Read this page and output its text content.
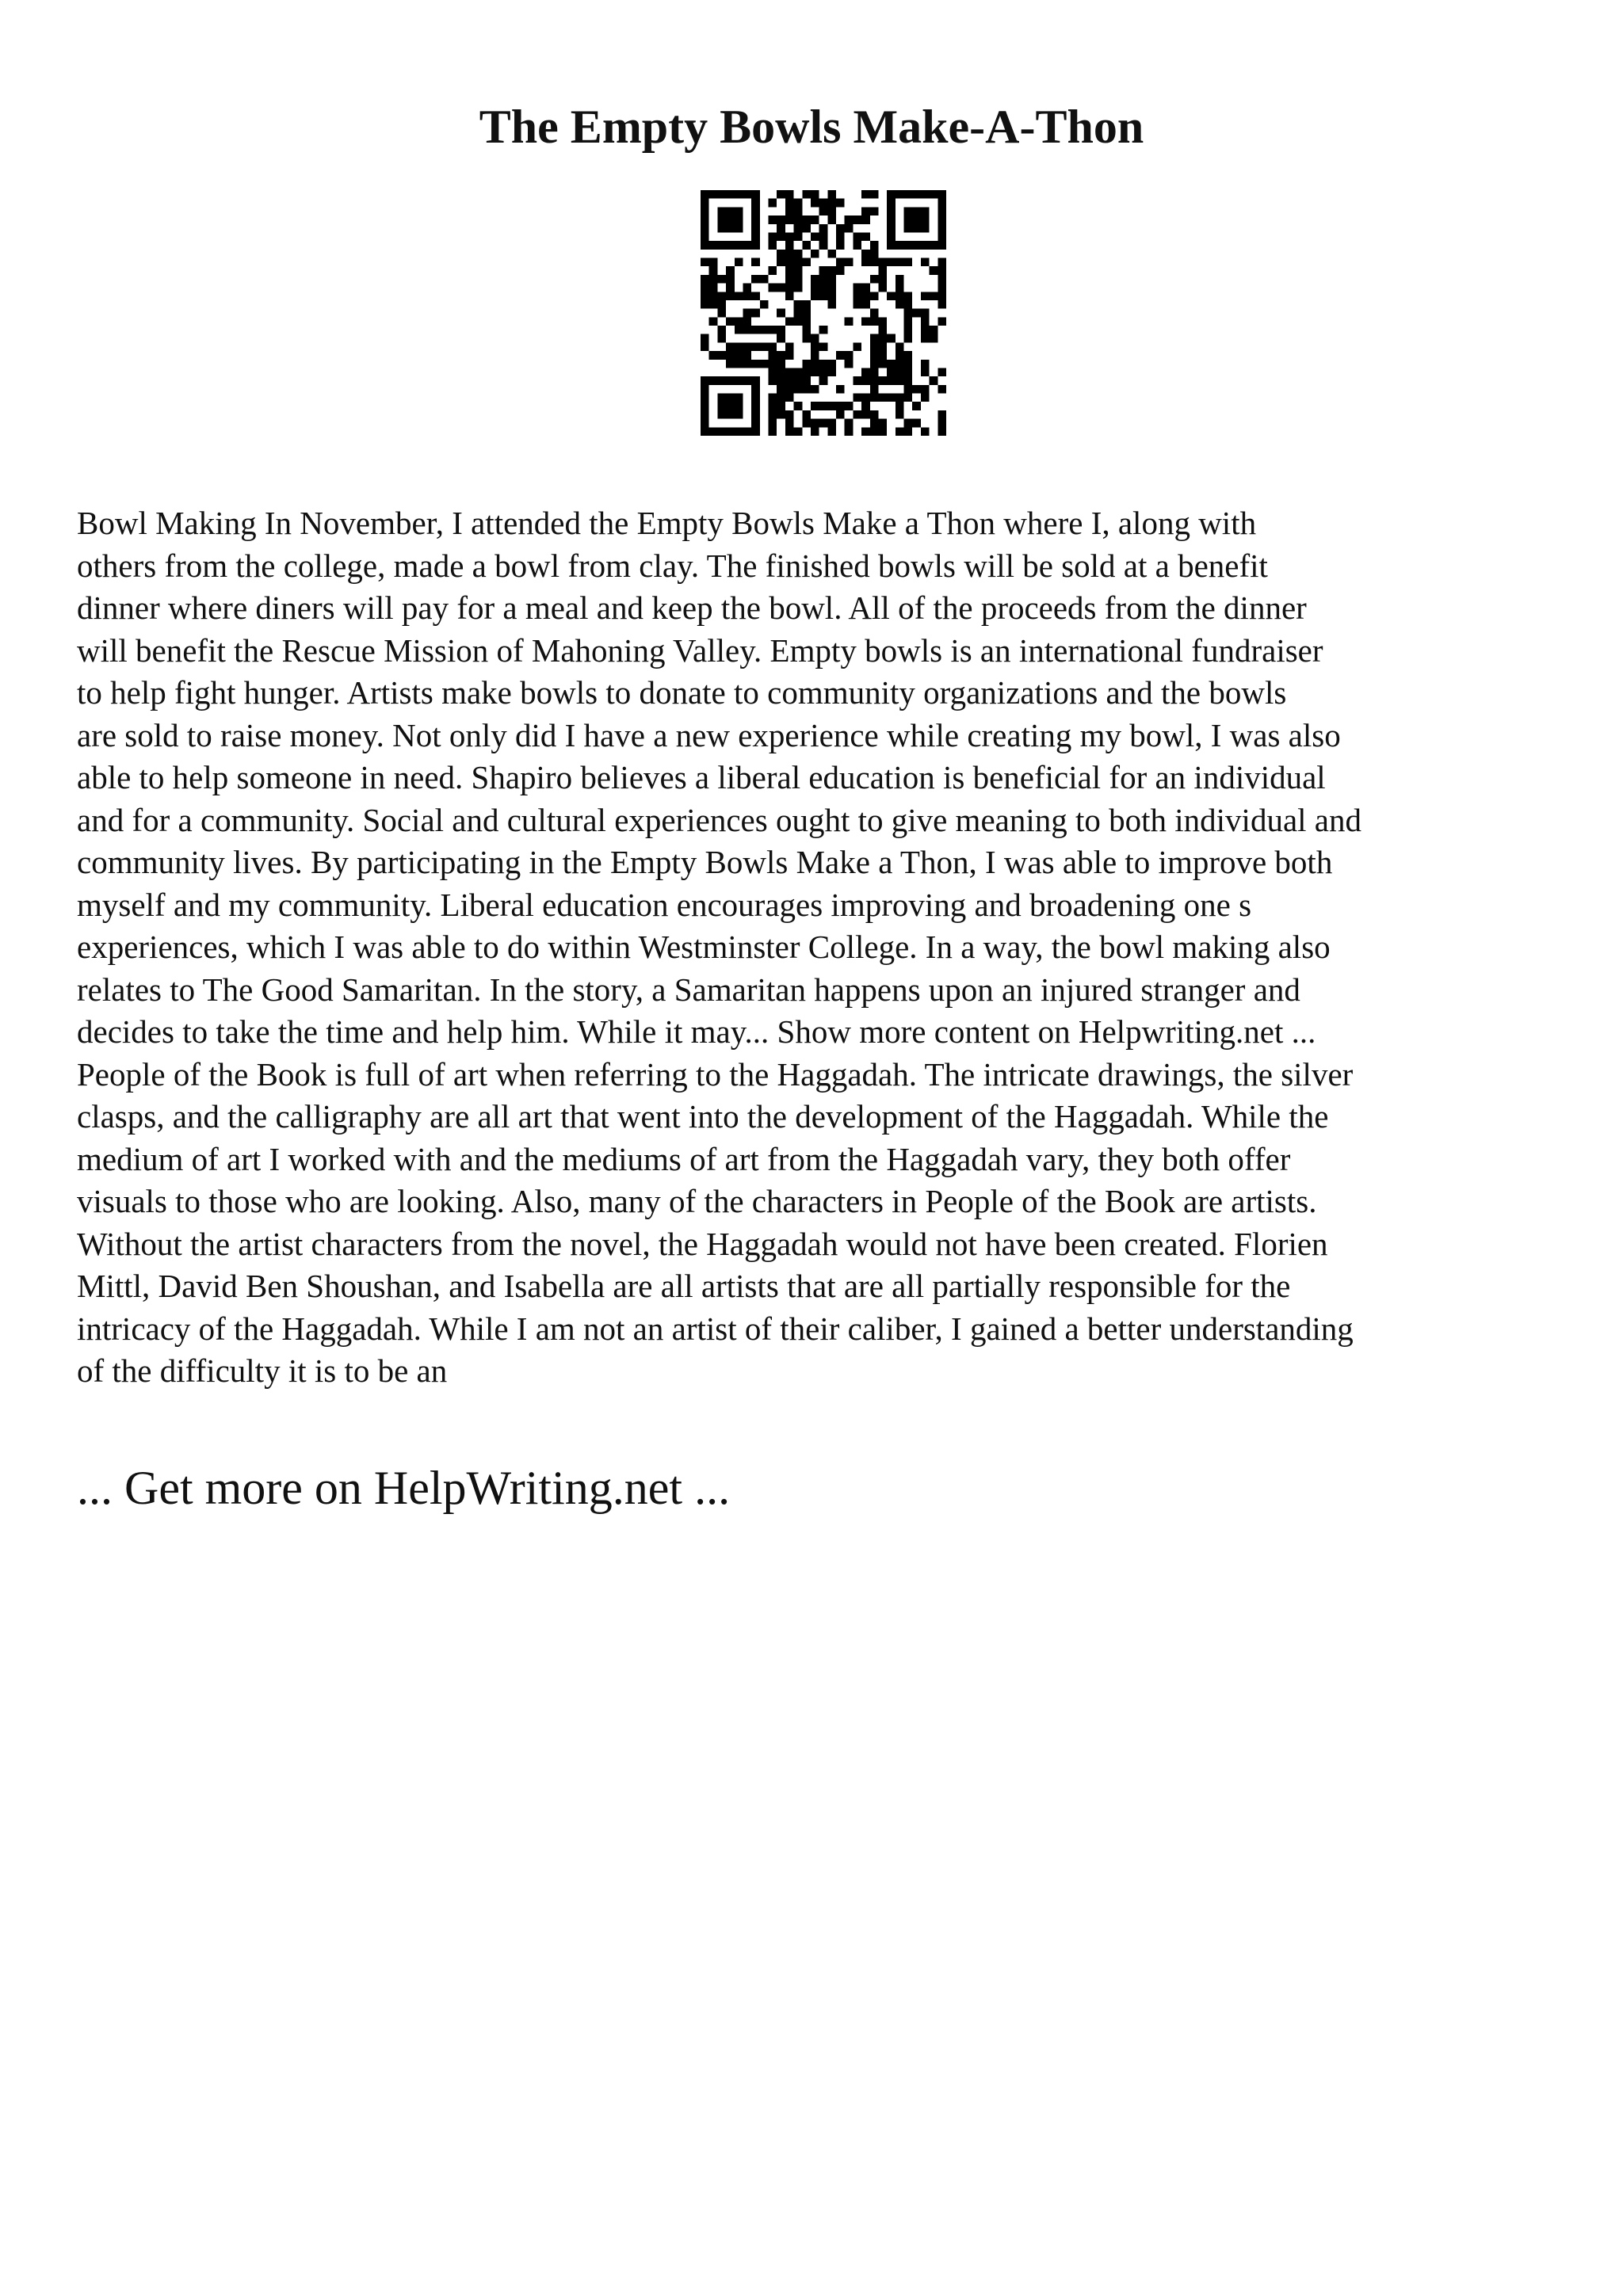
The Empty Bowls Make-A-Thon
Bowl Making In November, I attended the Empty Bowls Make a Thon where I, along with
others from the college, made a bowl from clay. The finished bowls will be sold at a benefit
dinner where diners will pay for a meal and keep the bowl. All of the proceeds from the dinner
will benefit the Rescue Mission of Mahoning Valley. Empty bowls is an international fundraiser
to help fight hunger. Artists make bowls to donate to community organizations and the bowls
are sold to raise money. Not only did I have a new experience while creating my bowl, I was also
able to help someone in need. Shapiro believes a liberal education is beneficial for an individual
and for a community. Social and cultural experiences ought to give meaning to both individual and
community lives. By participating in the Empty Bowls Make a Thon, I was able to improve both
myself and my community. Liberal education encourages improving and broadening one s
experiences, which I was able to do within Westminster College. In a way, the bowl making also
relates to The Good Samaritan. In the story, a Samaritan happens upon an injured stranger and
decides to take the time and help him. While it may... Show more content on Helpwriting.net ...
People of the Book is full of art when referring to the Haggadah. The intricate drawings, the silver
clasps, and the calligraphy are all art that went into the development of the Haggadah. While the
medium of art I worked with and the mediums of art from the Haggadah vary, they both offer
visuals to those who are looking. Also, many of the characters in People of the Book are artists.
Without the artist characters from the novel, the Haggadah would not have been created. Florien
Mittl, David Ben Shoushan, and Isabella are all artists that are all partially responsible for the
intricacy of the Haggadah. While I am not an artist of their caliber, I gained a better understanding
of the difficulty it is to be an

... Get more on HelpWriting.net ...
